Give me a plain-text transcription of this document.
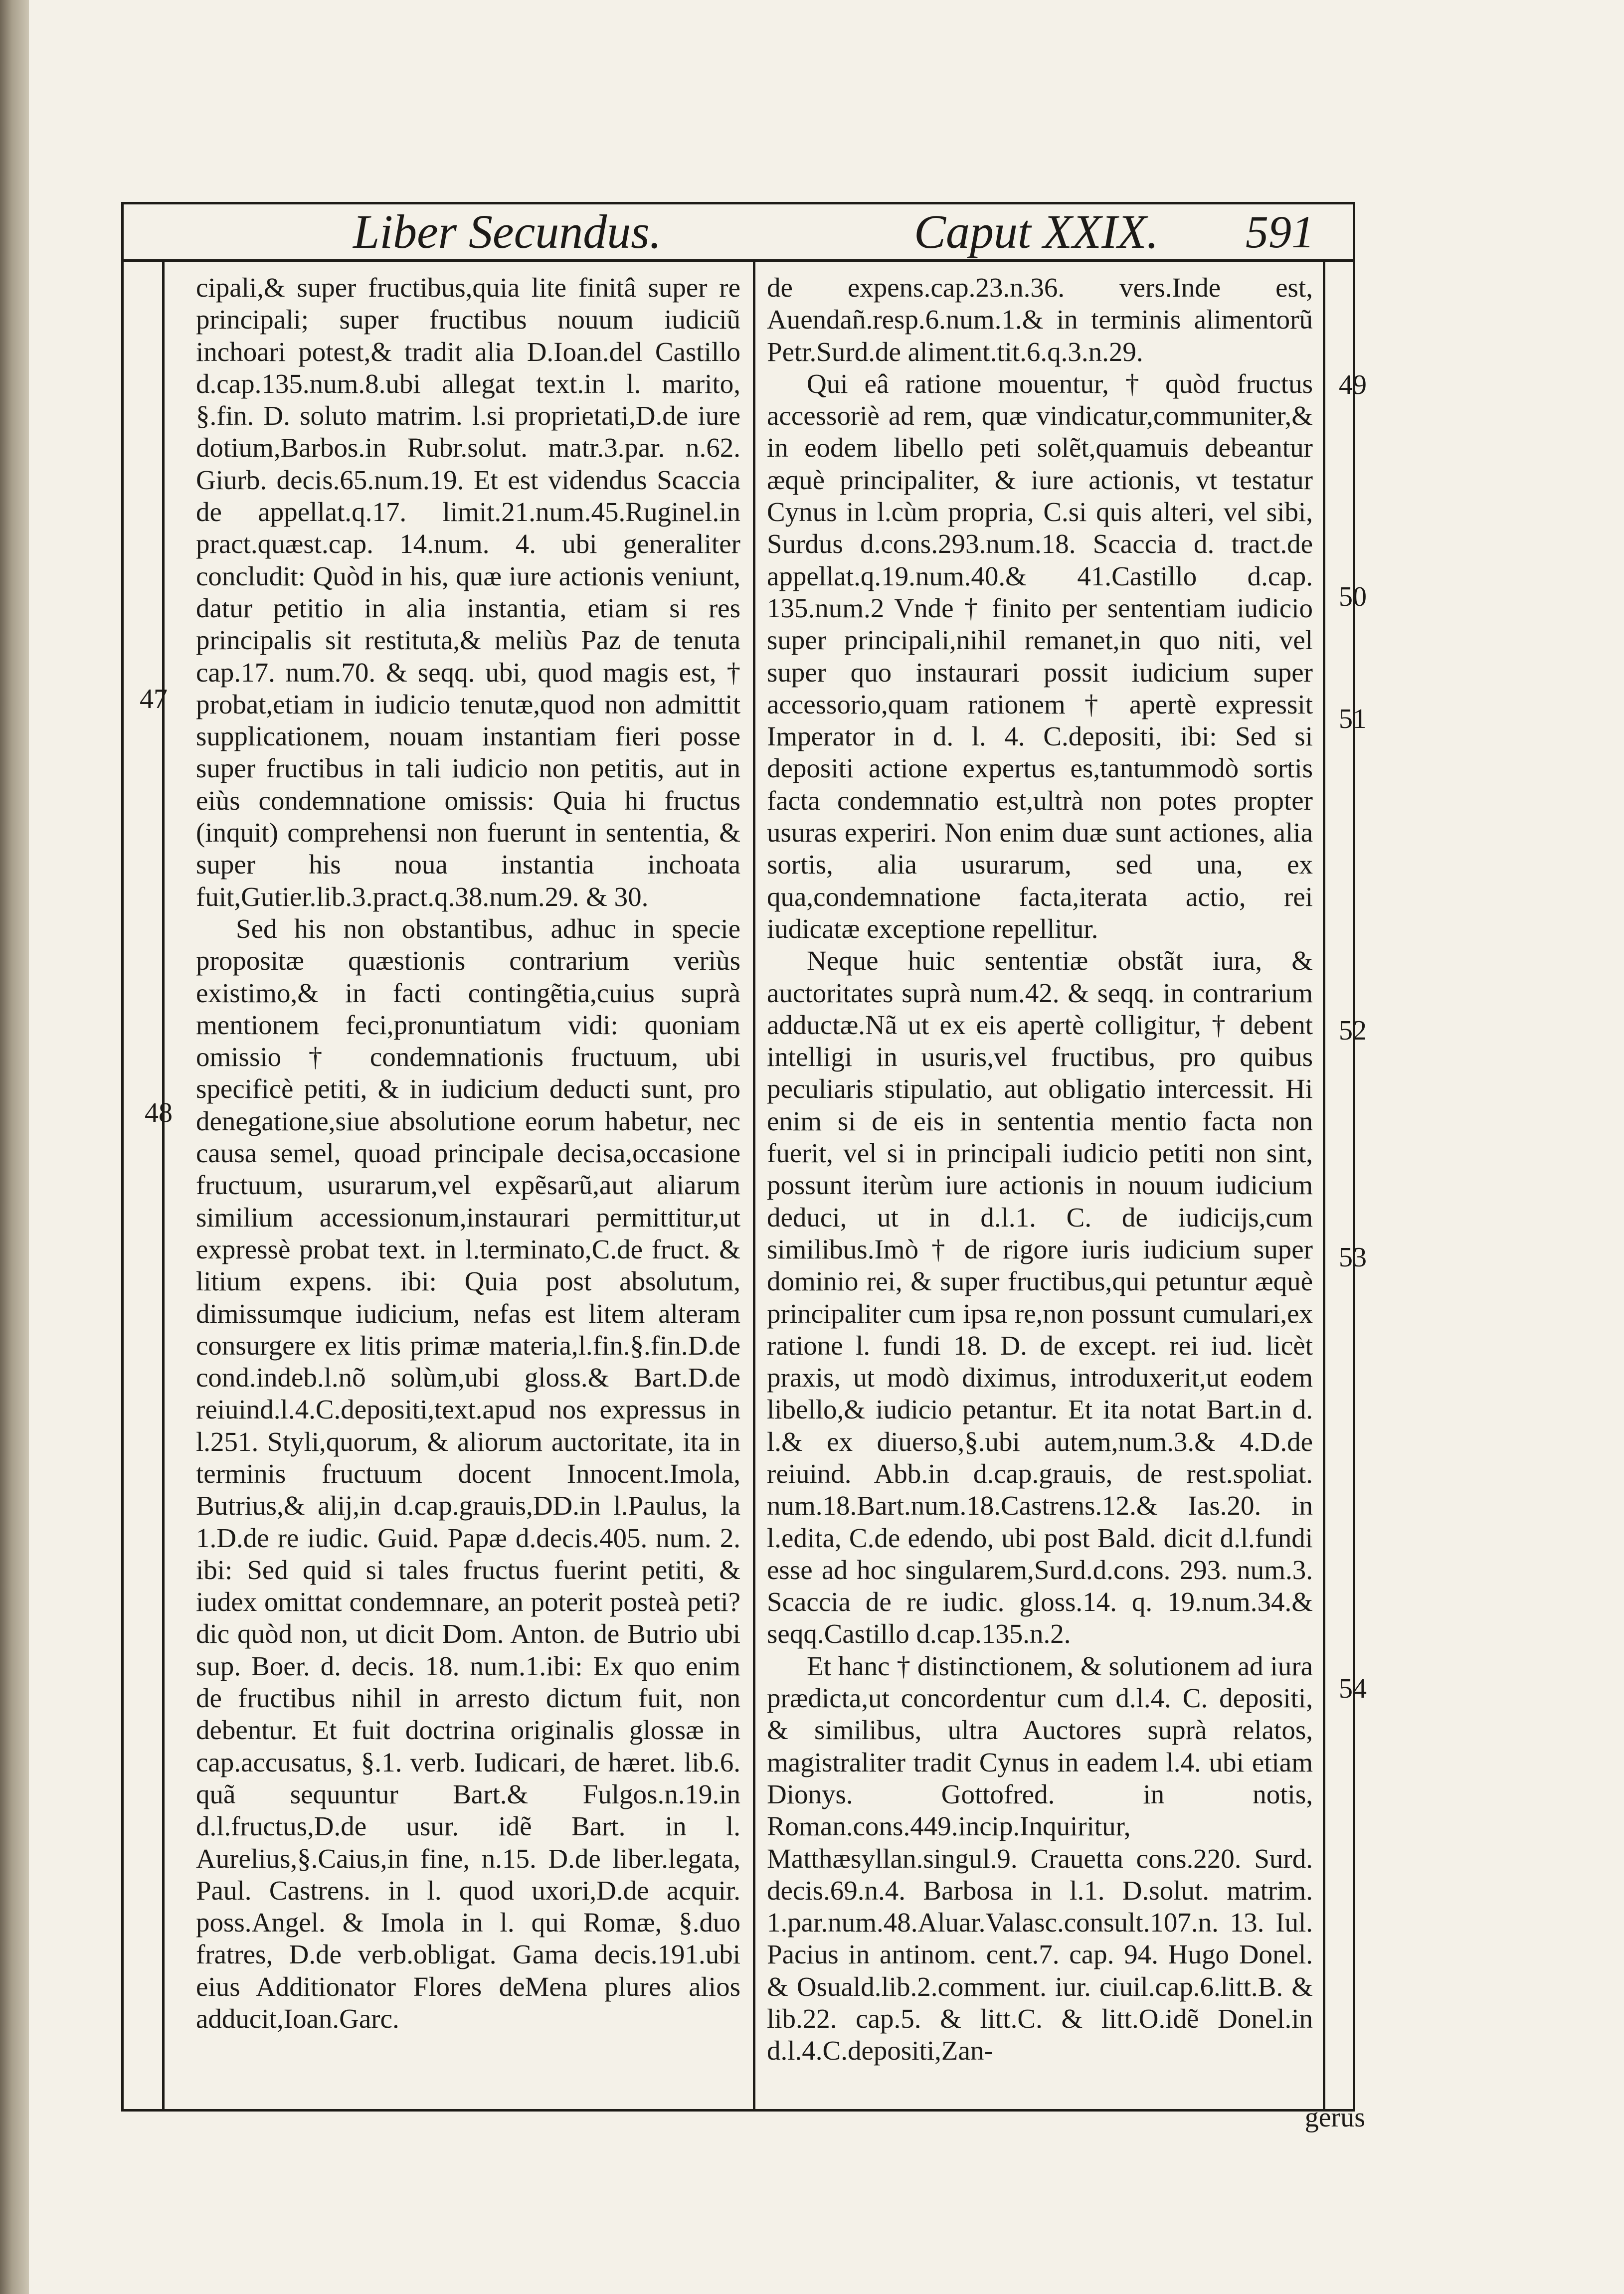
Liber Secundus.	Caput XXIX. 591

cipali,& super fructibus,quia lite finitâ super re principali; super fructibus nouum iudiciũ inchoari potest,& tradit alia D.Ioan.del Castillo d.cap.135.num.8.ubi allegat text.in l. marito, §.fin. D. soluto matrim. l.si proprietati,D.de iure dotium,Barbos.in Rubr.solut. matr.3.par. n.62. Giurb. decis.65.num.19. Et est videndus Scaccia de appellat.q.17. limit.21.num.45.Ruginel.in pract.quæst.cap. 14.num. 4. ubi generaliter concludit: Quòd in his, quæ iure actionis veniunt, datur petitio in alia instantia, etiam si res principalis sit restituta,& meliùs Paz de tenuta cap.17. num.70. & seqq. ubi, quod magis est, † probat,etiam in iudicio tenutæ,quod non admittit supplicationem, nouam instantiam fieri posse super fructibus in tali iudicio non petitis, aut in eiùs condemnatione omissis: Quia hi fructus (inquit) comprehensi non fuerunt in sententia, & super his noua instantia inchoata fuit,Gutier.lib.3.pract.q.38.num.29. & 30.

Sed his non obstantibus, adhuc in specie propositæ quæstionis contrarium veriùs existimo,& in facti contingẽtia,cuius suprà mentionem feci,pronuntiatum vidi: quoniam omissio † condemnationis fructuum, ubi specificè petiti, & in iudicium deducti sunt, pro denegatione,siue absolutione eorum habetur, nec causa semel, quoad principale decisa,occasione fructuum, usurarum,vel expẽsarũ,aut aliarum similium accessionum,instaurari permittitur,ut expressè probat text. in l.terminato,C.de fruct. & litium expens. ibi: Quia post absolutum, dimissumque iudicium, nefas est litem alteram consurgere ex litis primæ materia,l.fin.§.fin.D.de cond.indeb.l.nõ solùm,ubi gloss.& Bart.D.de reiuind.l.4.C.depositi,text.apud nos expressus in l.251. Styli,quorum, & aliorum auctoritate, ita in terminis fructuum docent Innocent.Imola, Butrius,& alij,in d.cap.grauis,DD.in l.Paulus, la 1.D.de re iudic. Guid. Papæ d.decis.405. num. 2. ibi: Sed quid si tales fructus fuerint petiti, & iudex omittat condemnare, an poterit posteà peti? dic quòd non, ut dicit Dom. Anton. de Butrio ubi sup. Boer. d. decis. 18. num.1.ibi: Ex quo enim de fructibus nihil in arresto dictum fuit, non debentur. Et fuit doctrina originalis glossæ in cap.accusatus, §.1. verb. Iudicari, de hæret. lib.6. quã sequuntur Bart.& Fulgos.n.19.in d.l.fructus,D.de usur. idẽ Bart. in l. Aurelius,§.Caius,in fine, n.15. D.de liber.legata, Paul. Castrens. in l. quod uxori,D.de acquir. poss.Angel. & Imola in l. qui Romæ, §.duo fratres, D.de verb.obligat. Gama decis.191.ubi eius Additionator Flores deMena plures alios adducit,Ioan.Garc.

de expens.cap.23.n.36. vers.Inde est, Auendañ.resp.6.num.1.& in terminis alimentorũ Petr.Surd.de aliment.tit.6.q.3.n.29.

Qui eâ ratione mouentur, † quòd fructus accessoriè ad rem, quæ vindicatur,communiter,& in eodem libello peti solẽt,quamuis debeantur æquè principaliter, & iure actionis, vt testatur Cynus in l.cùm propria, C.si quis alteri, vel sibi, Surdus d.cons.293.num.18. Scaccia d. tract.de appellat.q.19.num.40.& 41.Castillo d.cap. 135.num.2 Vnde † finito per sententiam iudicio super principali,nihil remanet,in quo niti, vel super quo instaurari possit iudicium super accessorio,quam rationem † apertè expressit Imperator in d. l. 4. C.depositi, ibi: Sed si depositi actione expertus es,tantummodò sortis facta condemnatio est,ultrà non potes propter usuras experiri. Non enim duæ sunt actiones, alia sortis, alia usurarum, sed una, ex qua,condemnatione facta,iterata actio, rei iudicatæ exceptione repellitur.

Neque huic sententiæ obstãt iura, & auctoritates suprà num.42. & seqq. in contrarium adductæ.Nã ut ex eis apertè colligitur, † debent intelligi in usuris,vel fructibus, pro quibus peculiaris stipulatio, aut obligatio intercessit. Hi enim si de eis in sententia mentio facta non fuerit, vel si in principali iudicio petiti non sint, possunt iterùm iure actionis in nouum iudicium deduci, ut in d.l.1. C. de iudicijs,cum similibus.Imò † de rigore iuris iudicium super dominio rei, & super fructibus,qui petuntur æquè principaliter cum ipsa re,non possunt cumulari,ex ratione l. fundi 18. D. de except. rei iud. licèt praxis, ut modò diximus, introduxerit,ut eodem libello,& iudicio petantur. Et ita notat Bart.in d. l.& ex diuerso,§.ubi autem,num.3.& 4.D.de reiuind. Abb.in d.cap.grauis, de rest.spoliat. num.18.Bart.num.18.Castrens.12.& Ias.20. in l.edita, C.de edendo, ubi post Bald. dicit d.l.fundi esse ad hoc singularem,Surd.d.cons. 293. num.3. Scaccia de re iudic. gloss.14. q. 19.num.34.& seqq.Castillo d.cap.135.n.2.

Et hanc † distinctionem, & solutionem ad iura prædicta,ut concordentur cum d.l.4. C. depositi, & similibus, ultra Auctores suprà relatos, magistraliter tradit Cynus in eadem l.4. ubi etiam Dionys. Gottofred. in notis, Roman.cons.449.incip.Inquiritur, Matthæsyllan.singul.9. Crauetta cons.220. Surd. decis.69.n.4. Barbosa in l.1. D.solut. matrim. 1.par.num.48.Aluar.Valasc.consult.107.n. 13. Iul. Pacius in antinom. cent.7. cap. 94. Hugo Donel. & Osuald.lib.2.comment. iur. ciuil.cap.6.litt.B. & lib.22. cap.5. & litt.C. & litt.O.idẽ Donel.in d.l.4.C.depositi,Zan-

47
48
49
50
51
52
53
54
gerus
